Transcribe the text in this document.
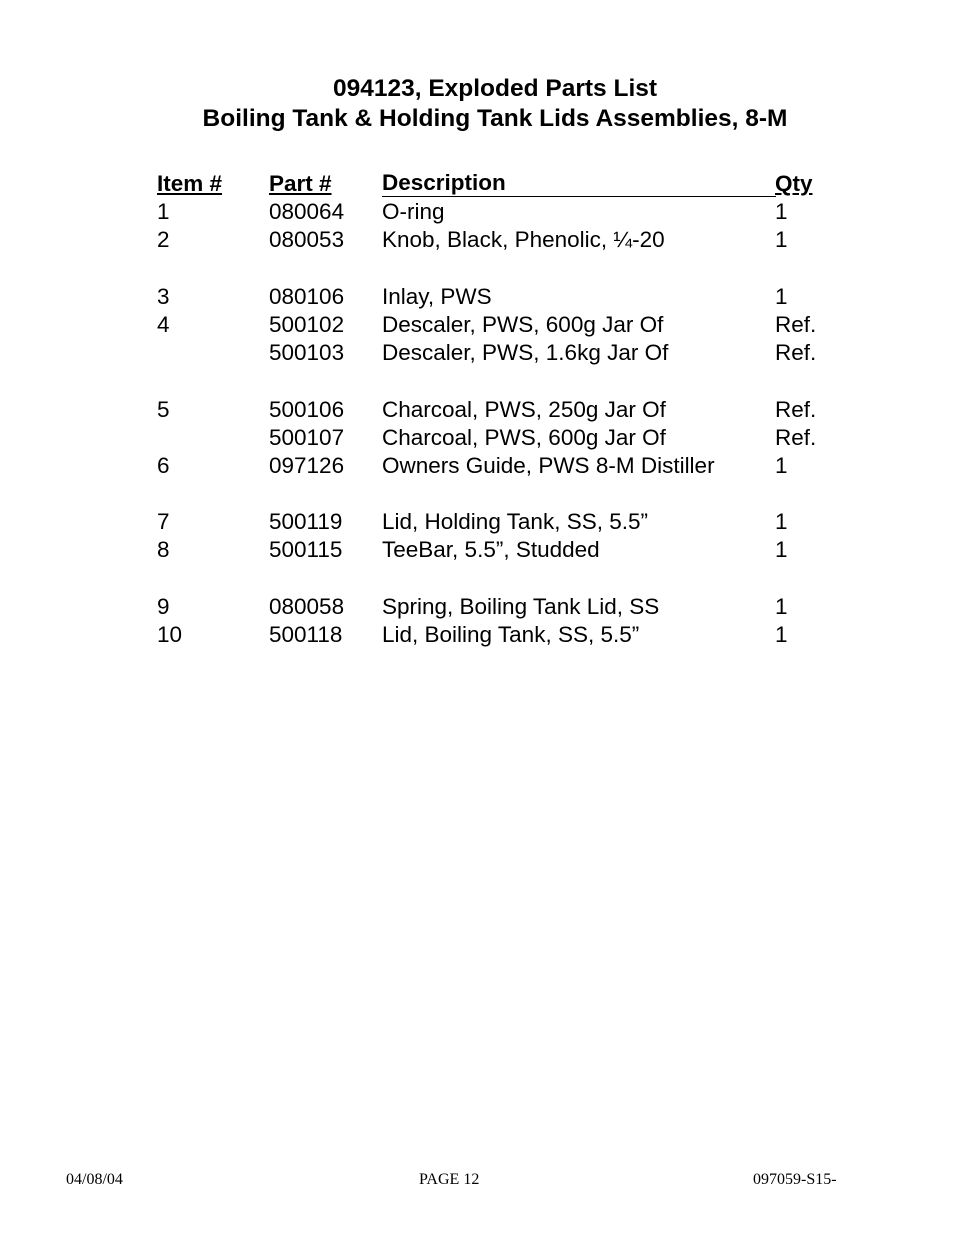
094123, Exploded Parts List
Boiling Tank & Holding Tank Lids Assemblies, 8-M
Item # Part # Description	Qty
1	080064 O-ring	1
2	080053 Knob, Black, Phenolic, ¼-20	1
3	080106 Inlay, PWS	1
4	500102 Descaler, PWS, 600g Jar Of	Ref.
500103 Descaler, PWS, 1.6kg Jar Of	Ref.
5	500106 Charcoal, PWS, 250g Jar Of	Ref.
500107 Charcoal, PWS, 600g Jar Of	Ref.
6	097126 Owners Guide, PWS 8-M Distiller	1
7	500119 Lid, Holding Tank, SS, 5.5”	1
8	500115 TeeBar, 5.5”, Studded	1
9	080058 Spring, Boiling Tank Lid, SS	1
10	500118 Lid, Boiling Tank, SS, 5.5”	1
04/08/04	PAGE 12	097059-S15-
